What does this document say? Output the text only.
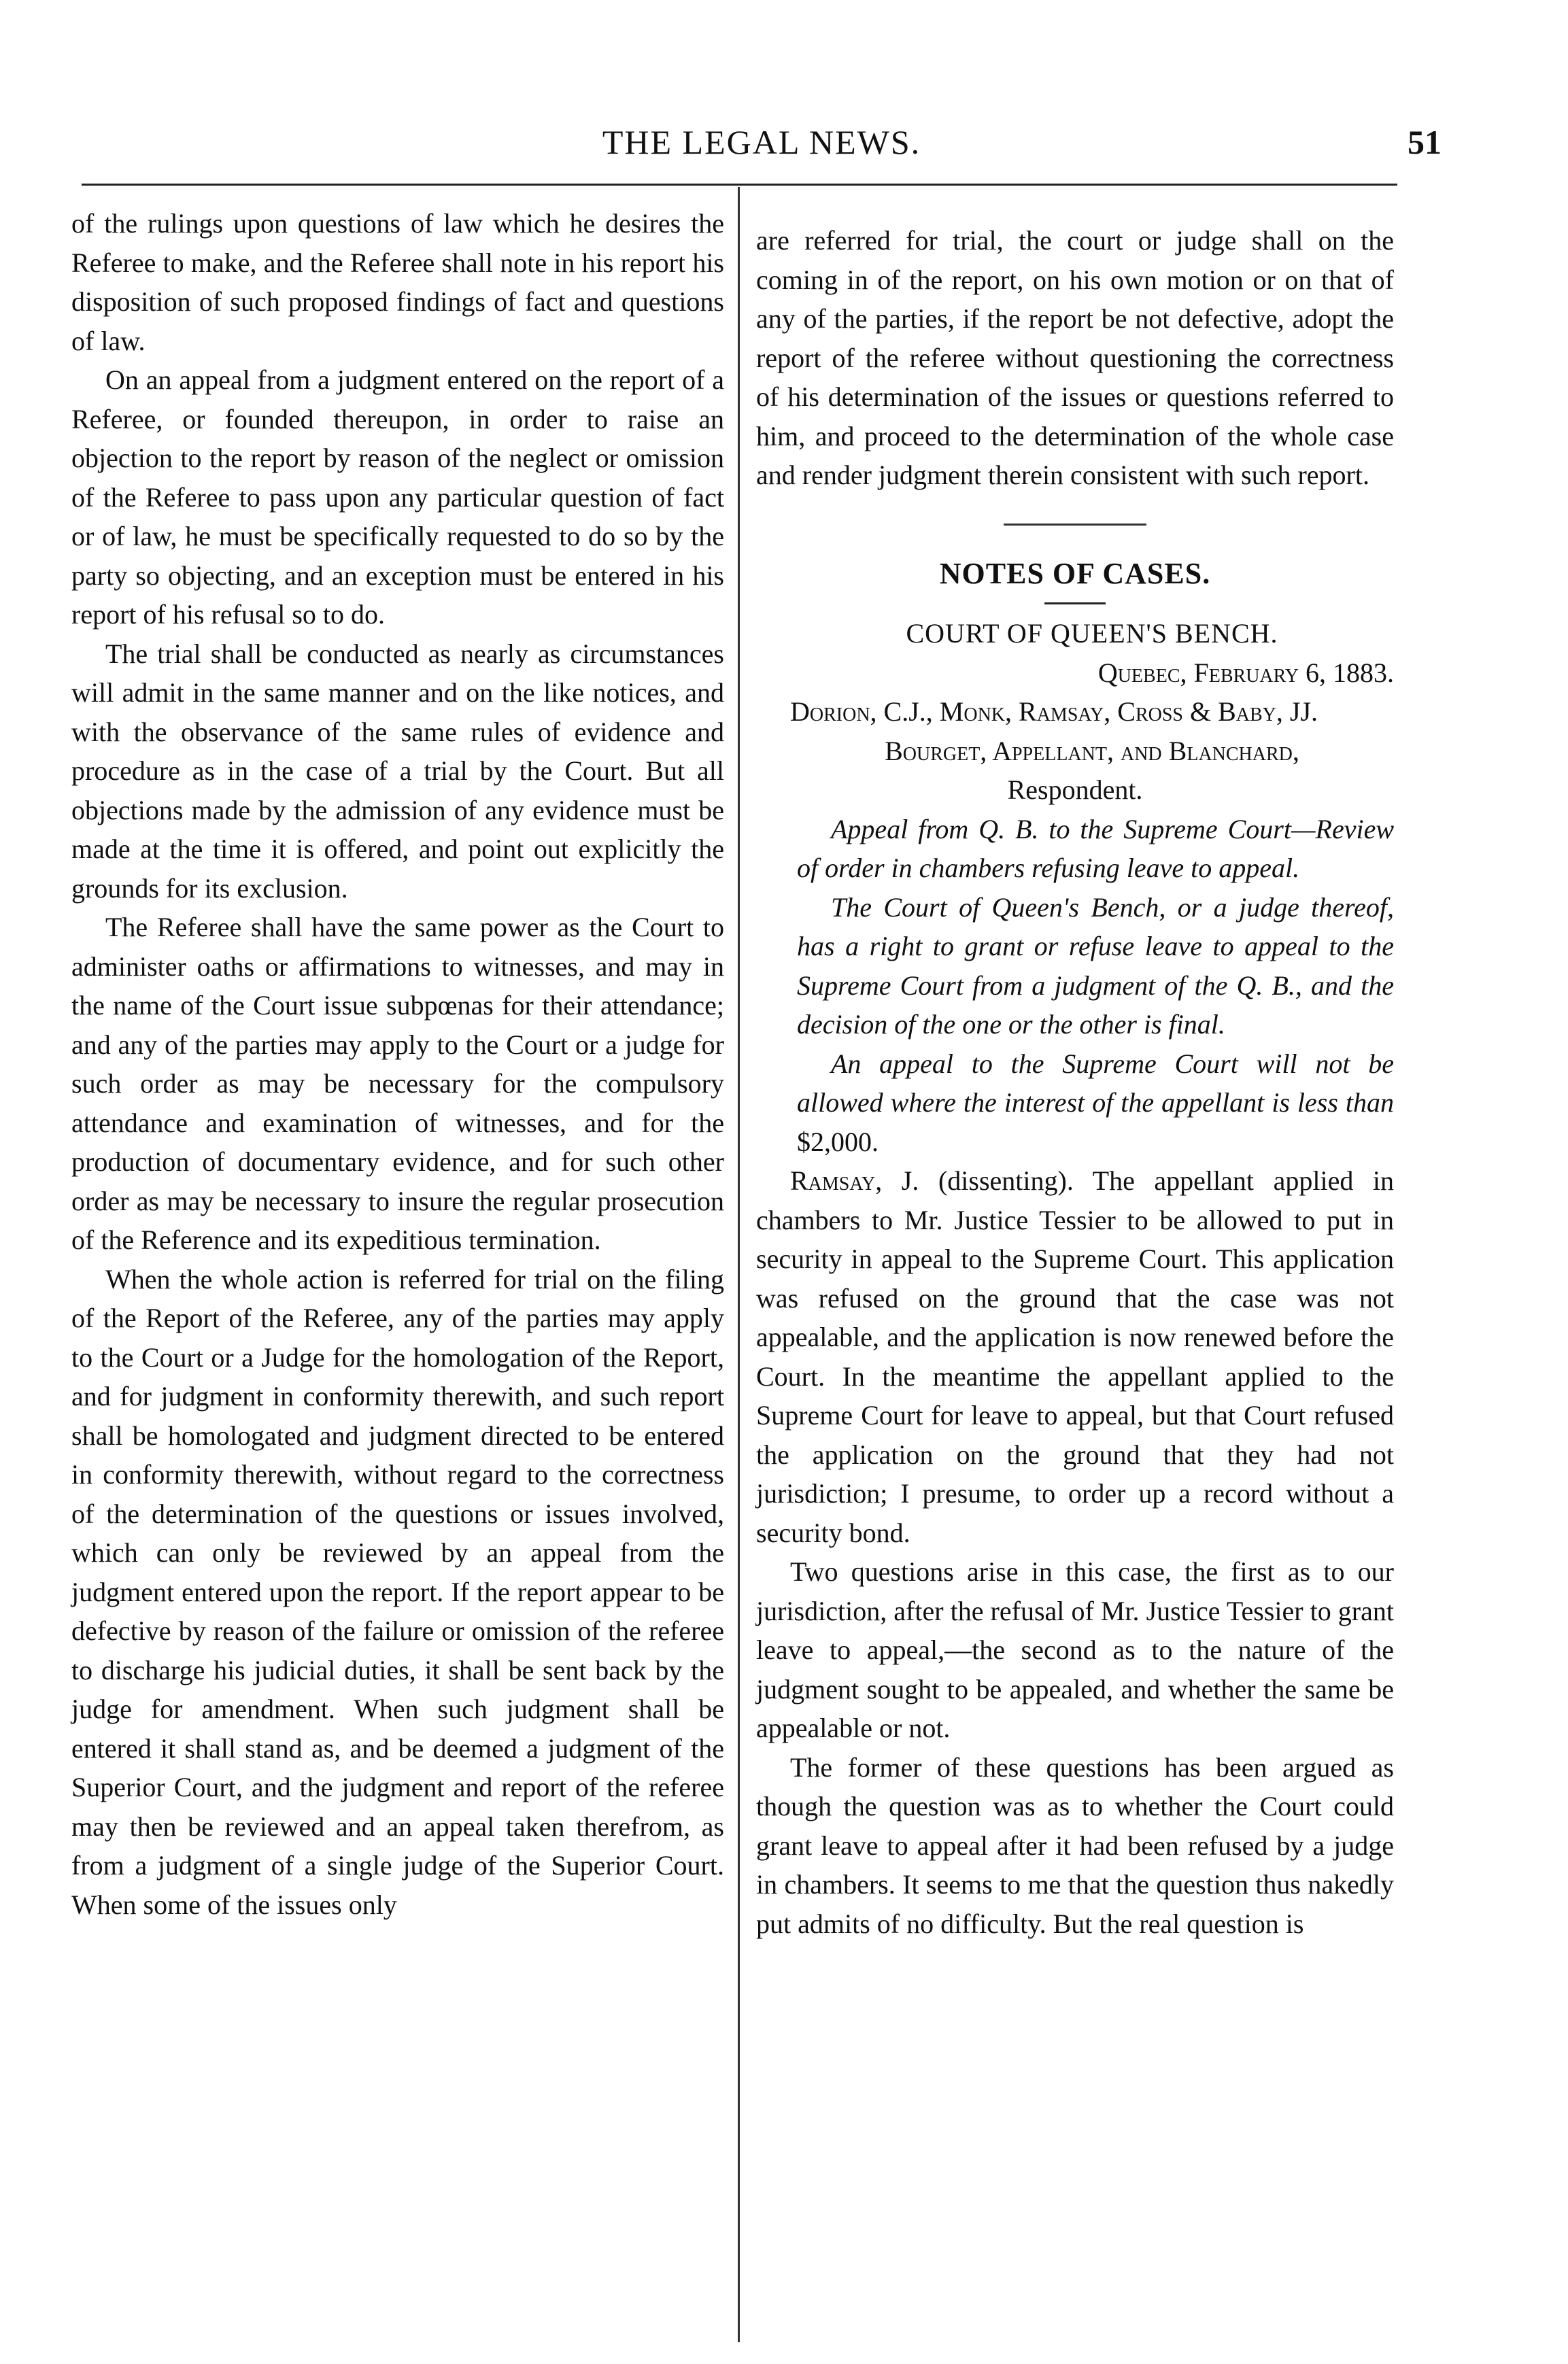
THE LEGAL NEWS.	51

of the rulings upon questions of law which he desires the Referee to make, and the Referee shall note in his report his disposition of such proposed findings of fact and questions of law.

On an appeal from a judgment entered on the report of a Referee, or founded thereupon, in order to raise an objection to the report by reason of the neglect or omission of the Referee to pass upon any particular question of fact or of law, he must be specifically requested to do so by the party so objecting, and an exception must be entered in his report of his refusal so to do.

The trial shall be conducted as nearly as circumstances will admit in the same manner and on the like notices, and with the observance of the same rules of evidence and procedure as in the case of a trial by the Court. But all objections made by the admission of any evidence must be made at the time it is offered, and point out explicitly the grounds for its exclusion.

The Referee shall have the same power as the Court to administer oaths or affirmations to witnesses, and may in the name of the Court issue subpœnas for their attendance; and any of the parties may apply to the Court or a judge for such order as may be necessary for the compulsory attendance and examination of witnesses, and for the production of documentary evidence, and for such other order as may be necessary to insure the regular prosecution of the Reference and its expeditious termination.

When the whole action is referred for trial on the filing of the Report of the Referee, any of the parties may apply to the Court or a Judge for the homologation of the Report, and for judgment in conformity therewith, and such report shall be homologated and judgment directed to be entered in conformity therewith, without regard to the correctness of the determination of the questions or issues involved, which can only be reviewed by an appeal from the judgment entered upon the report. If the report appear to be defective by reason of the failure or omission of the referee to discharge his judicial duties, it shall be sent back by the judge for amendment. When such judgment shall be entered it shall stand as, and be deemed a judgment of the Superior Court, and the judgment and report of the referee may then be reviewed and an appeal taken therefrom, as from a judgment of a single judge of the Superior Court. When some of the issues only

are referred for trial, the court or judge shall on the coming in of the report, on his own motion or on that of any of the parties, if the report be not defective, adopt the report of the referee without questioning the correctness of his determination of the issues or questions referred to him, and proceed to the determination of the whole case and render judgment therein consistent with such report.

NOTES OF CASES.

COURT OF QUEEN'S BENCH.

Quebec, February 6, 1883.

Dorion, C.J., Monk, Ramsay, Cross & Baby, JJ.

Bourget, Appellant, and Blanchard,
Respondent.

Appeal from Q. B. to the Supreme Court—Review of order in chambers refusing leave to appeal.

The Court of Queen's Bench, or a judge thereof, has a right to grant or refuse leave to appeal to the Supreme Court from a judgment of the Q. B., and the decision of the one or the other is final.

An appeal to the Supreme Court will not be allowed where the interest of the appellant is less than $2,000.

Ramsay, J. (dissenting). The appellant applied in chambers to Mr. Justice Tessier to be allowed to put in security in appeal to the Supreme Court. This application was refused on the ground that the case was not appealable, and the application is now renewed before the Court. In the meantime the appellant applied to the Supreme Court for leave to appeal, but that Court refused the application on the ground that they had not jurisdiction; I presume, to order up a record without a security bond.

Two questions arise in this case, the first as to our jurisdiction, after the refusal of Mr. Justice Tessier to grant leave to appeal,—the second as to the nature of the judgment sought to be appealed, and whether the same be appealable or not.

The former of these questions has been argued as though the question was as to whether the Court could grant leave to appeal after it had been refused by a judge in chambers. It seems to me that the question thus nakedly put admits of no difficulty. But the real question is
